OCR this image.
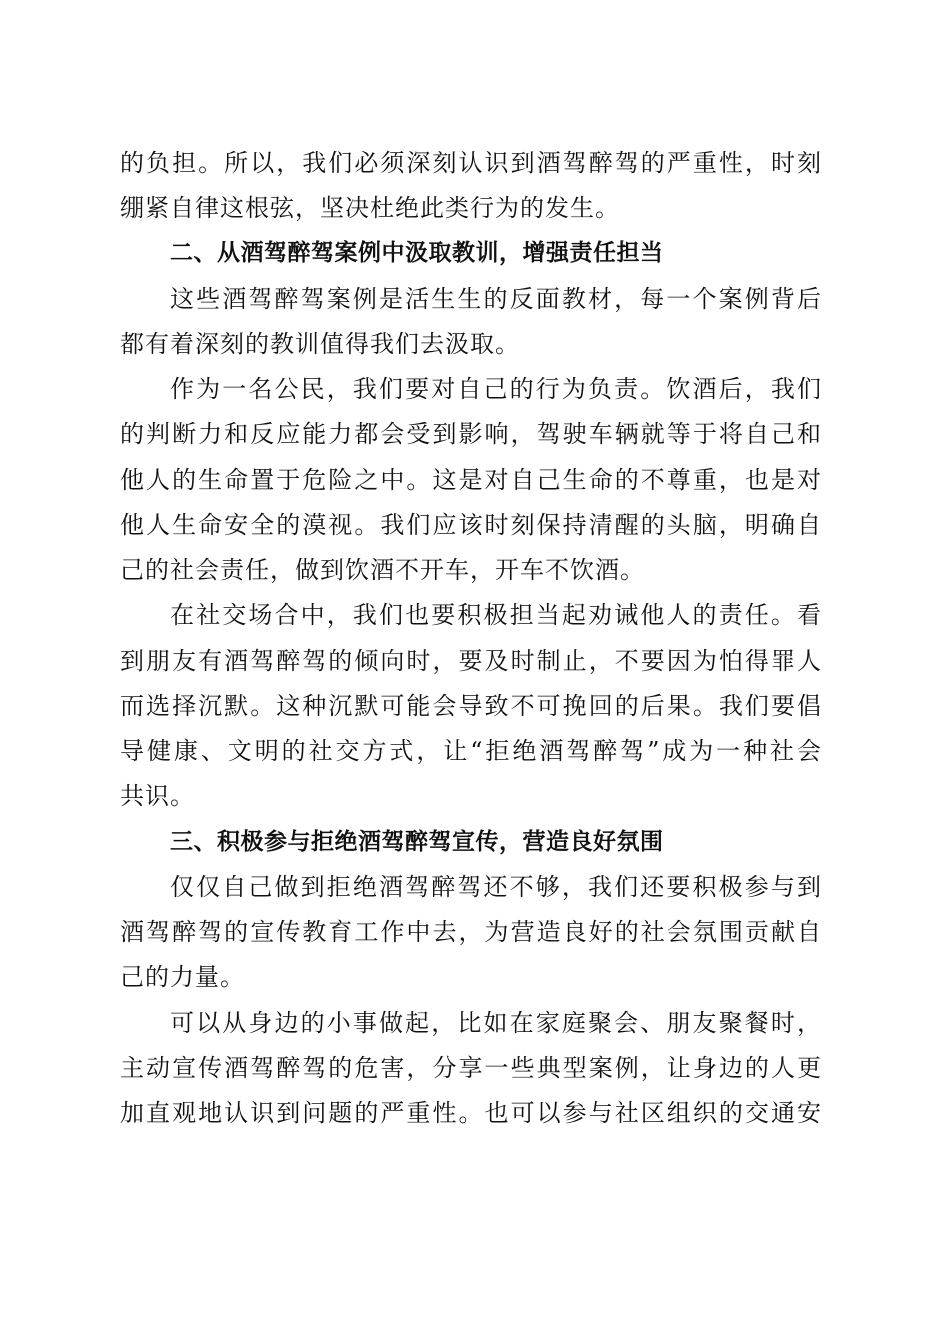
的负担。所以，我们必须深刻认识到酒驾醉驾的严重性，时刻
绷紧自律这根弦，坚决杜绝此类行为的发生。
二、从酒驾醉驾案例中汲取教训，增强责任担当
这些酒驾醉驾案例是活生生的反面教材，每一个案例背后
都有着深刻的教训值得我们去汲取。
作为一名公民，我们要对自己的行为负责。饮酒后，我们
的判断力和反应能力都会受到影响，驾驶车辆就等于将自己和
他人的生命置于危险之中。这是对自己生命的不尊重，也是对
他人生命安全的漠视。我们应该时刻保持清醒的头脑，明确自
己的社会责任，做到饮酒不开车，开车不饮酒。
在社交场合中，我们也要积极担当起劝诫他人的责任。看
到朋友有酒驾醉驾的倾向时，要及时制止，不要因为怕得罪人
而选择沉默。这种沉默可能会导致不可挽回的后果。我们要倡
导健康、文明的社交方式，让“拒绝酒驾醉驾”成为一种社会
共识。
三、积极参与拒绝酒驾醉驾宣传，营造良好氛围
仅仅自己做到拒绝酒驾醉驾还不够，我们还要积极参与到
酒驾醉驾的宣传教育工作中去，为营造良好的社会氛围贡献自
己的力量。
可以从身边的小事做起，比如在家庭聚会、朋友聚餐时，
主动宣传酒驾醉驾的危害，分享一些典型案例，让身边的人更
加直观地认识到问题的严重性。也可以参与社区组织的交通安
